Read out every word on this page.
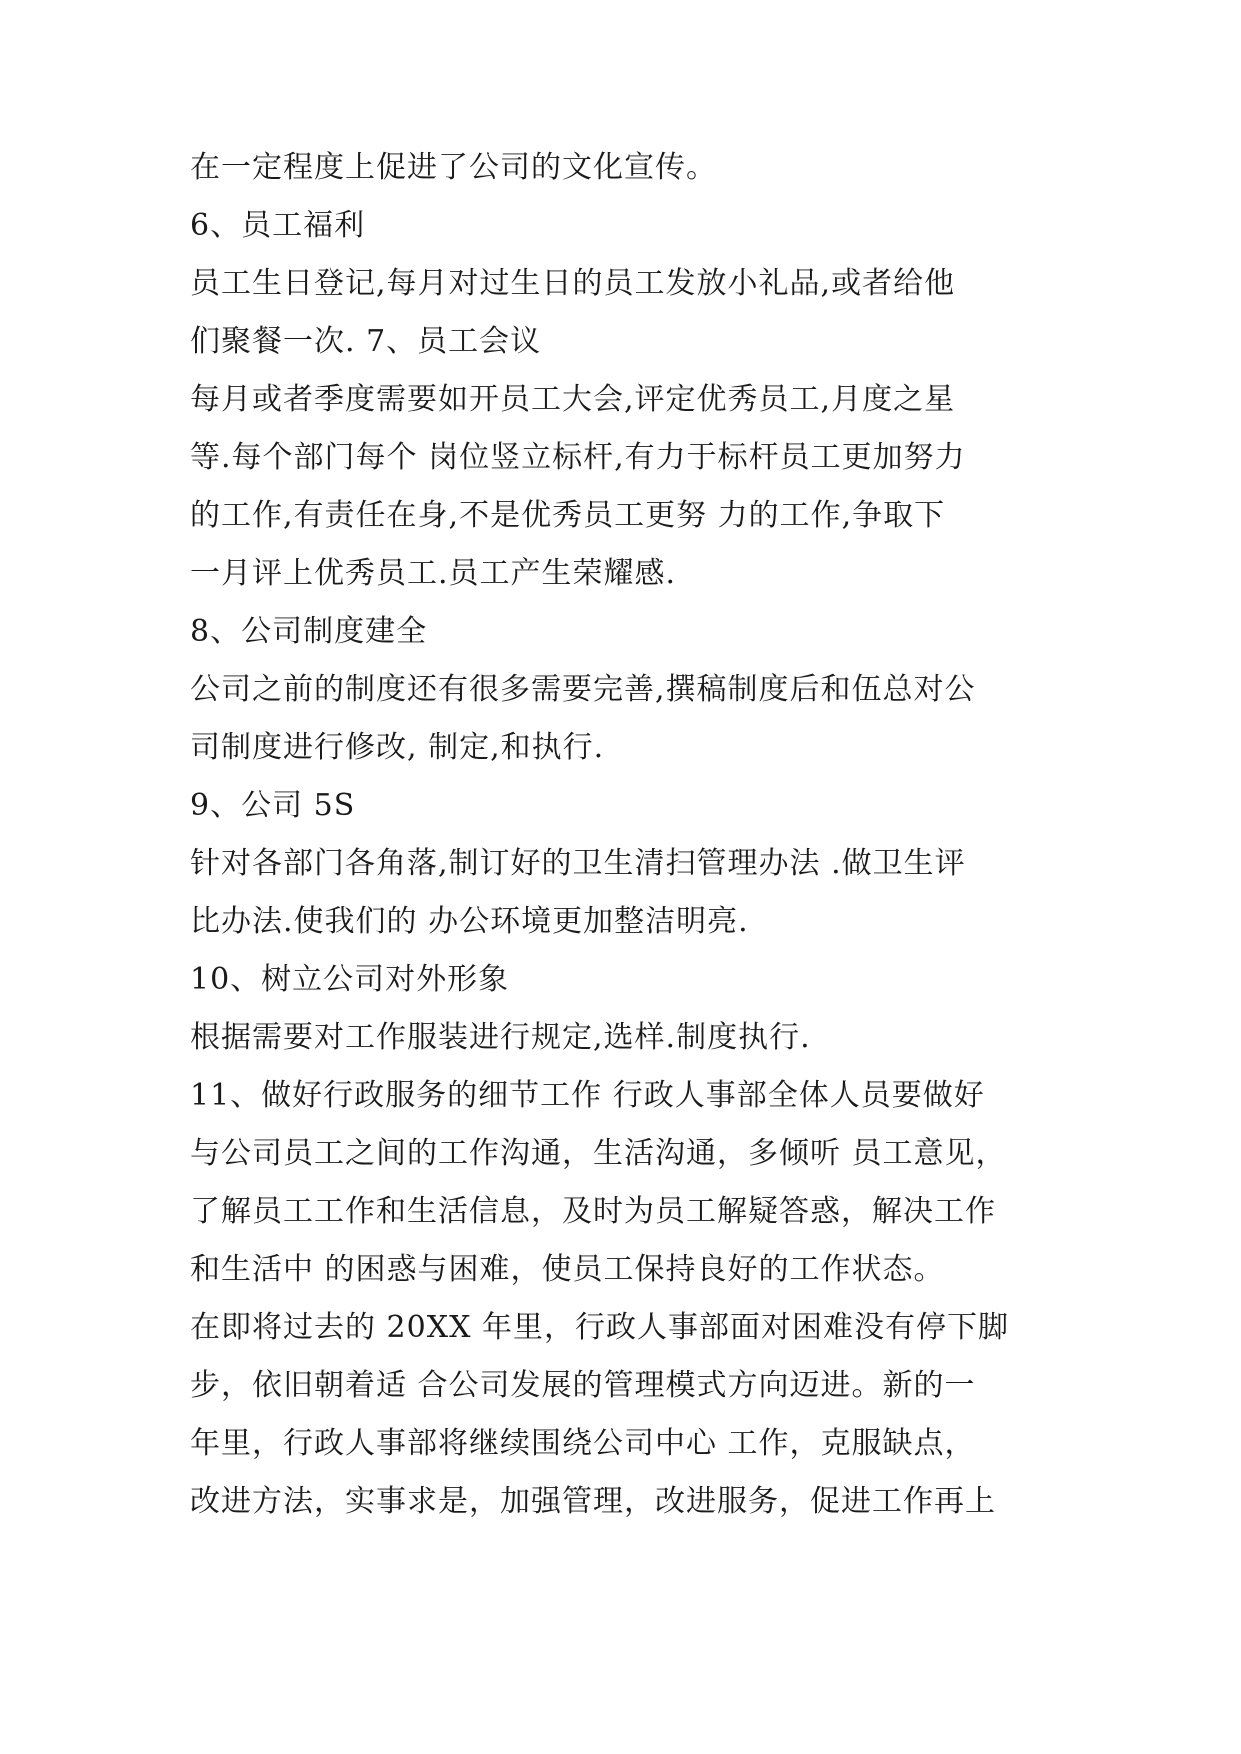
在一定程度上促进了公司的文化宣传。
6、员工福利
员工生日登记,每月对过生日的员工发放小礼品,或者给他
们聚餐一次. 7、员工会议
每月或者季度需要如开员工大会,评定优秀员工,月度之星
等.每个部门每个 岗位竖立标杆,有力于标杆员工更加努力
的工作,有责任在身,不是优秀员工更努 力的工作,争取下
一月评上优秀员工.员工产生荣耀感.
8、公司制度建全
公司之前的制度还有很多需要完善,撰稿制度后和伍总对公
司制度进行修改, 制定,和执行.
9、公司 5S
针对各部门各角落,制订好的卫生清扫管理办法 .做卫生评
比办法.使我们的 办公环境更加整洁明亮.
10、树立公司对外形象
根据需要对工作服装进行规定,选样.制度执行.
11、做好行政服务的细节工作 行政人事部全体人员要做好
与公司员工之间的工作沟通，生活沟通，多倾听 员工意见，
了解员工工作和生活信息，及时为员工解疑答惑，解决工作
和生活中 的困惑与困难，使员工保持良好的工作状态。
在即将过去的 20XX 年里，行政人事部面对困难没有停下脚
步，依旧朝着适 合公司发展的管理模式方向迈进。新的一
年里，行政人事部将继续围绕公司中心 工作，克服缺点，
改进方法，实事求是，加强管理，改进服务，促进工作再上
